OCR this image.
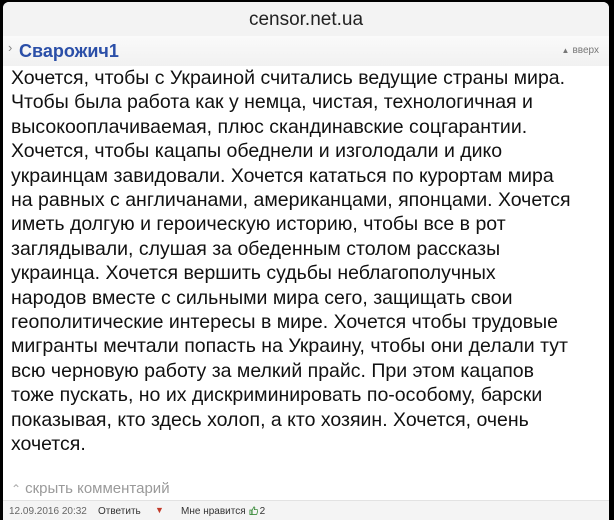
censor.net.ua
› Сварожич1	▲ вверх
Хочется, чтобы с Украиной считались ведущие страны мира.
Чтобы была работа как у немца, чистая, технологичная и
высокооплачиваемая, плюс скандинавские соцгарантии.
Хочется, чтобы кацапы обеднели и изголодали и дико
украинцам завидовали. Хочется кататься по курортам мира
на равных с англичанами, американцами, японцами. Хочется
иметь долгую и героическую историю, чтобы все в рот
заглядывали, слушая за обеденным столом рассказы
украинца. Хочется вершить судьбы неблагополучных
народов вместе с сильными мира сего, защищать свои
геополитические интересы в мире. Хочется чтобы трудовые
мигранты мечтали попасть на Украину, чтобы они делали тут
всю черновую работу за мелкий прайс. При этом кацапов
тоже пускать, но их дискриминировать по-особому, барски
показывая, кто здесь холоп, а кто хозяин. Хочется, очень
хочется.
⌃ скрыть комментарий
12.09.2016 20:32 Ответить ▼ Мне нравится 2
